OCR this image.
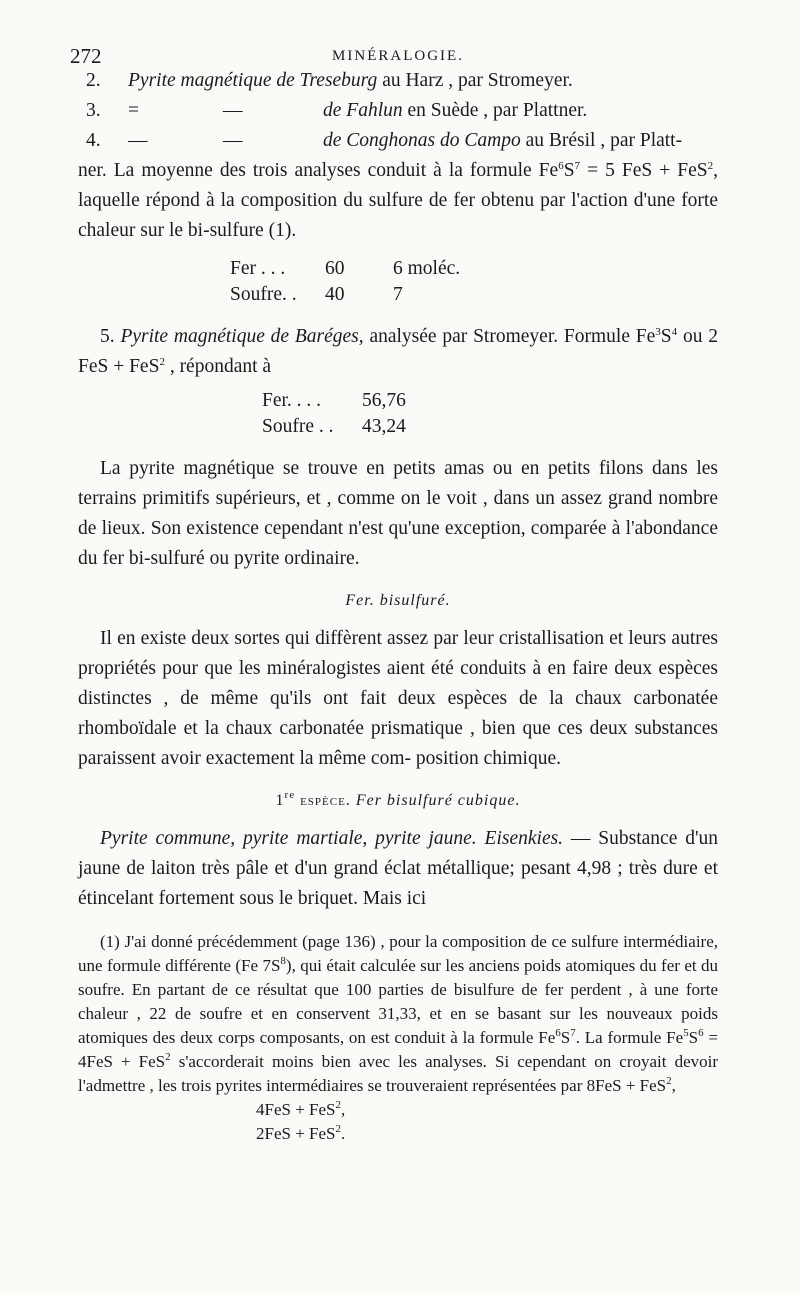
272	MINÉRALOGIE.
2.	Pyrite magnétique de Treseburg au Harz , par Stromeyer.
3.	=	—	de Fahlun en Suède , par Plattner.
4.	—	—	de Conghonas do Campo au Brésil , par Platt-

ner. La moyenne des trois analyses conduit à la formule $Fe^6S^7 = 5$ FeS + FeS$^2$, laquelle répond à la composition du sulfure de fer obtenu par l'action d'une forte chaleur sur le bi-sulfure (1).

Fer . . .	60	6 moléc.
Soufre. .	40	7

5. Pyrite magnétique de Baréges, analysée par Stromeyer. Formule $Fe^3S^4$ ou 2 FeS + FeS$^2$ , répondant à

Fer. . . .	56,76
Soufre . .	43,24

La pyrite magnétique se trouve en petits amas ou en petits filons dans les terrains primitifs supérieurs, et , comme on le voit , dans un assez grand nombre de lieux. Son existence cependant n'est qu'une exception, comparée à l'abondance du fer bi-sulfuré ou pyrite ordinaire.

Fer. bisulfuré.

Il en existe deux sortes qui diffèrent assez par leur cristallisation et leurs autres propriétés pour que les minéralogistes aient été conduits à en faire deux espèces distinctes , de même qu'ils ont fait deux espèces de la chaux carbonatée rhomboïdale et la chaux carbonatée prismatique , bien que ces deux substances paraissent avoir exactement la même com- position chimique.

1re espèce. Fer bisulfuré cubique.

Pyrite commune, pyrite martiale, pyrite jaune. Eisenkies. — Substance d'un jaune de laiton très pâle et d'un grand éclat métallique; pesant 4,98 ; très dure et étincelant fortement sous le briquet. Mais ici

(1) J'ai donné précédemment (page 136) , pour la composition de ce sulfure intermédiaire, une formule différente (Fe $7S^8$), qui était calculée sur les anciens poids atomiques du fer et du soufre. En partant de ce résultat que 100 parties de bisulfure de fer perdent , à une forte chaleur , 22 de soufre et en conservent 31,33, et en se basant sur les nouveaux poids atomiques des deux corps composants, on est conduit à la formule $Fe^6S^7$. La formule $Fe^5S^6 = 4FeS + FeS^2$ s'accorderait moins bien avec les analyses. Si cependant on croyait devoir l'admettre , les trois pyrites intermédiaires se trouveraient représentées par 8FeS + FeS$^2$,

4FeS + FeS$^2$,

2FeS + FeS$^2$.
